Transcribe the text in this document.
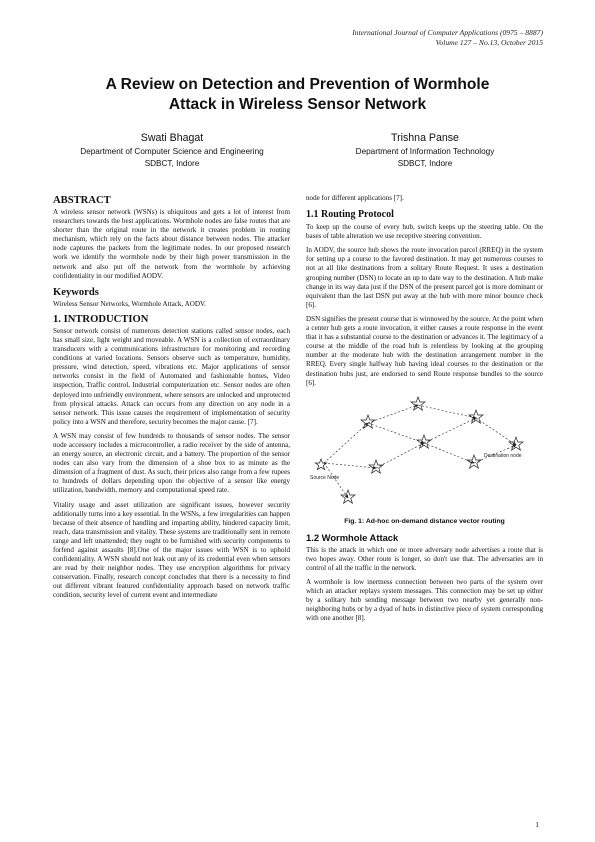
International Journal of Computer Applications (0975 – 8887)
Volume 127 – No.13, October 2015
A Review on Detection and Prevention of Wormhole
Attack in Wireless Sensor Network
Swati Bhagat
Department of Computer Science and Engineering
SDBCT, Indore
Trishna Panse
Department of Information Technology
SDBCT, Indore
ABSTRACT

A wireless sensor network (WSNs) is ubiquitous and gets a lot of interest from researchers towards the best applications. Wormhole nodes are false routes that are shorter than the original route in the network it creates problem in routing mechanism, which rely on the facts about distance between nodes. The attacker node captures the packets from the legitimate nodes. In our proposed research work we identify the wormhole node by their high power transmission in the network and also put off the network from the wormhole by achieving confidentiality in our modified AODV.

Keywords

Wireless Sensor Networks, Wormhole Attack, AODV.

1. INTRODUCTION

Sensor network consist of numerous detection stations called sensor nodes, each has small size, light weight and moveable. A WSN is a collection of extraordinary transducers with a communications infrastructure for monitoring and recording conditions at varied locations. Sensors observe such as temperature, humidity, pressure, wind detection, speed, vibrations etc. Major applications of sensor networks consist in the field of Automated and fashionable homes, Video inspection, Traffic control, Industrial computerization etc. Sensor nodes are often deployed into unfriendly environment, where sensors are unlocked and unprotected from physical attacks. Attack can occurs from any direction on any node in a sensor network. This issue causes the requirement of implementation of security policy into a WSN and therefore, security becomes the major cause. [7].

A WSN may consist of few hundreds to thousands of sensor nodes. The sensor node accessory includes a microcontroller, a radio receiver by the side of antenna, an energy source, an electronic circuit, and a battery. The proportion of the sensor nodes can also vary from the dimension of a shoe box to as minute as the dimension of a fragment of dust. As such, their prices also range from a few rupees to hundreds of dollars depending upon the objective of a sensor like energy utilization, bandwidth, memory and computational speed rate.

Vitality usage and asset utilization are significant issues, however security additionally turns into a key essential. In the WSNs, a few irregularities can happen because of their absence of handling and imparting ability, hindered capacity limit, reach, data transmission and vitality. These systems are traditionally sent in remote range and left unattended; they ought to be furnished with security components to forfend against assaults [8].One of the major issues with WSN is to uphold confidentiality. A WSN should not leak out any of its credential even when sensors are read by their neighbor nodes. They use encryption algorithms for privacy conservation. Finally, research concept concludes that there is a necessity to find out different vibrant featured confidentiality approach based on network traffic condition, security level of current event and intermediate

node for different applications [7].

1.1 Routing Protocol

To keep up the course of every hub, switch keeps up the steering table. On the bases of table alteration we use receptive steering convention.

In AODV, the source hub shows the route invocation parcel (RREQ) in the system for setting up a course to the favored destination. It may get numerous courses to not at all like destinations from a solitary Route Request. It uses a destination grouping number (DSN) to locate an up to date way to the destination. A hub make change in its way data just if the DSN of the present parcel got is more dominant or equivalent than the last DSN put away at the hub with more minor bounce check [6].

DSN signifies the present course that is winnowed by the source. At the point when a center hub gets a route invocation, it either causes a route response in the event that it has a substantial course to the destination or advances it. The legitimacy of a course at the middle of the road hub is relentless by looking at the grouping number at the moderate hub with the destination arrangement number in the RREQ. Every single halfway hub having ideal courses to the destination or the destination hubs just, are endorsed to send Route response bundles to the source [6].

Source Node
Destination node
Fig. 1: Ad-hoc on-demand distance vector routing
1.2 Wormhole Attack

This is the attack in which one or more adversary node advertises a route that is two hopes away. Other route is longer, so don't use that. The adversaries are in control of all the traffic in the network.

A wormhole is low inertness connection between two parts of the system over which an attacker replays system messages. This connection may be set up either by a solitary hub sending message between two nearby yet generally non-neighboring hubs or by a dyad of hubs in distinctive piece of system corresponding with one another [8].

1
